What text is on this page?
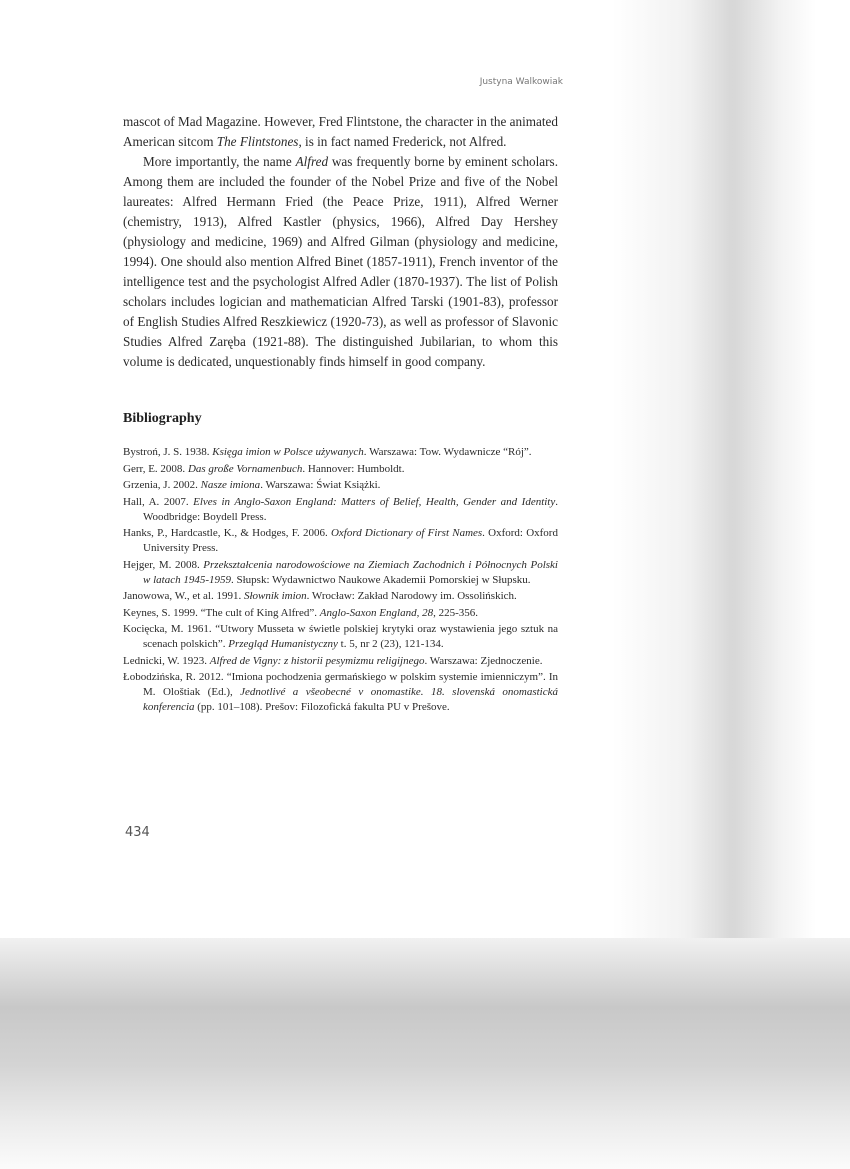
Justyna Walkowiak

mascot of Mad Magazine. However, Fred Flintstone, the character in the animated American sitcom The Flintstones, is in fact named Frederick, not Alfred.

More importantly, the name Alfred was frequently borne by eminent scholars. Among them are included the founder of the Nobel Prize and five of the Nobel laureates: Alfred Hermann Fried (the Peace Prize, 1911), Alfred Werner (chemistry, 1913), Alfred Kastler (physics, 1966), Alfred Day Hershey (physiology and medicine, 1969) and Alfred Gilman (physiology and medicine, 1994). One should also mention Alfred Binet (1857-1911), French inventor of the intelligence test and the psychologist Alfred Adler (1870-1937). The list of Polish scholars includes logician and mathematician Alfred Tarski (1901-83), professor of English Studies Alfred Reszkiewicz (1920-73), as well as professor of Slavonic Studies Alfred Zaręba (1921-88). The distinguished Jubilarian, to whom this volume is dedicated, unquestionably finds himself in good company.

Bibliography

Bystroń, J. S. 1938. Księga imion w Polsce używanych. Warszawa: Tow. Wydawnicze “Rój”.

Gerr, E. 2008. Das große Vornamenbuch. Hannover: Humboldt.

Grzenia, J. 2002. Nasze imiona. Warszawa: Świat Książki.

Hall, A. 2007. Elves in Anglo-Saxon England: Matters of Belief, Health, Gender and Identity. Woodbridge: Boydell Press.

Hanks, P., Hardcastle, K., & Hodges, F. 2006. Oxford Dictionary of First Names. Oxford: Oxford University Press.

Hejger, M. 2008. Przekształcenia narodowościowe na Ziemiach Zachodnich i Północnych Polski w latach 1945-1959. Słupsk: Wydawnictwo Naukowe Akademii Pomorskiej w Słupsku.

Janowowa, W., et al. 1991. Słownik imion. Wrocław: Zakład Narodowy im. Ossolińskich.

Keynes, S. 1999. “The cult of King Alfred”. Anglo-Saxon England, 28, 225-356.

Kocięcka, M. 1961. “Utwory Musseta w świetle polskiej krytyki oraz wystawienia jego sztuk na scenach polskich”. Przegląd Humanistyczny t. 5, nr 2 (23), 121-134.

Lednicki, W. 1923. Alfred de Vigny: z historii pesymizmu religijnego. Warszawa: Zjednoczenie.

Łobodzińska, R. 2012. “Imiona pochodzenia germańskiego w polskim systemie imienniczym”. In M. Ološtiak (Ed.), Jednotlivé a všeobecné v onomastike. 18. slovenská onomastická konferencia (pp. 101–108). Prešov: Filozofická fakulta PU v Prešove.

434
